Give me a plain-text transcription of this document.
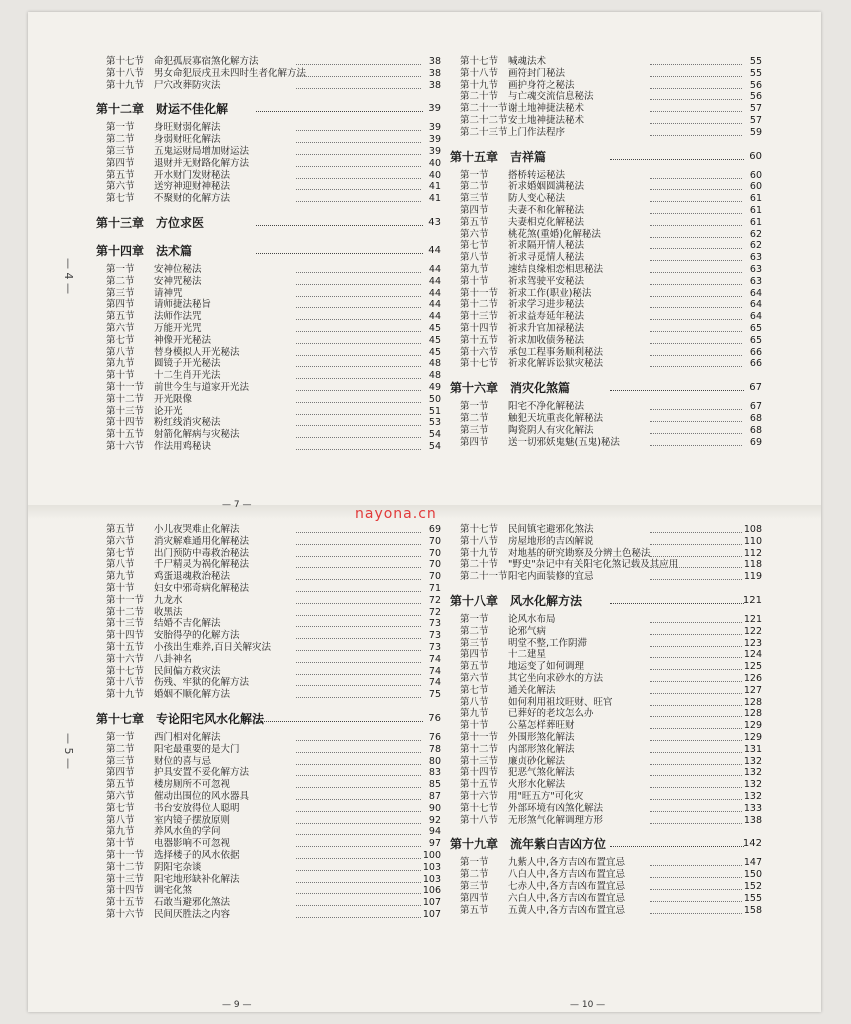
第十七节 命犯孤辰寡宿煞化解方法	38
第十八节 男女命犯辰戌丑未四时生者化解方法	38
第十九节 尸穴改葬防灾法	38
第十二章　财运不佳化解	39
第一节 身旺财弱化解法	39
第二节 身弱财旺化解法	39
第三节 五鬼运财局增加财运法	39
第四节 退财并无财路化解方法	40
第五节 开水财门发财秘法	40
第六节 送穷神迎财神秘法	41
第七节 不聚财的化解方法	41
第十三章　方位求医	43
第十四章　法术篇	44
第一节 安神位秘法	44
第二节 安神咒秘法	44
第三节 请神咒	44
第四节 请师捷法秘旨	44
第五节 法师作法咒	44
第六节 万能开光咒	45
第七节 神像开光秘法	45
第八节 替身模拟人开光秘法	45
第九节 圆镜子开光秘法	48
第十节 十二生肖开光法	48
第十一节 前世今生与道家开光法	49
第十二节 开光限像	50
第十三节 论开光	51
第十四节 粉红线消灾秘法	53
第十五节 射箭化解病与灾秘法	54
第十六节 作法用鸡秘诀	54
第十七节 喊魂法术	55
第十八节 画符封门秘法	55
第十九节 画护身符之秘法	56
第二十节 与亡魂交流信息秘法	56
第二十一节 谢土地神捷法秘术	57
第二十二节 安土地神捷法秘术	57
第二十三节 上门作法程序	59
第十五章　吉祥篇	60
第一节 搭桥转运秘法	60
第二节 祈求婚姻圆满秘法	60
第三节 防人变心秘法	61
第四节 夫妻不和化解秘法	61
第五节 夫妻相克化解秘法	61
第六节 桃花煞(重婚)化解秘法	62
第七节 祈求隔开情人秘法	62
第八节 祈求寻觅情人秘法	63
第九节 速结良缘相恋相思秘法	63
第十节 祈求驾驶平安秘法	63
第十一节 祈求工作(职业)秘法	64
第十二节 祈求学习进步秘法	64
第十三节 祈求益寿延年秘法	64
第十四节 祈求升官加禄秘法	65
第十五节 祈求加收债务秘法	65
第十六节 承包工程事务顺利秘法	66
第十七节 祈求化解诉讼狱灾秘法	66
第十六章　消灾化煞篇	67
第一节 阳宅不净化解秘法	67
第二节 触犯天坑重丧化解秘法	68
第三节 陶瓷阴人有灾化解法	68
第四节 送一切邪妖鬼魅(五鬼)秘法	69
第五节 小儿夜哭难止化解法	69
第六节 消灾解难通用化解秘法	70
第七节 出门预防中毒救治秘法	70
第八节 千尸精灵为祸化解秘法	70
第九节 鸡蛋退魂救治秘法	70
第十节 妇女中邪奇病化解秘法	71
第十一节 九龙水	72
第十二节 收黑法	72
第十三节 结婚不吉化解法	73
第十四节 安胎得孕的化解方法	73
第十五节 小孩出生难养,百日关解灾法	73
第十六节 八卦神名	74
第十七节 民间偏方救灾法	74
第十八节 伤残、牢狱的化解方法	74
第十九节 婚姻不顺化解方法	75
第十七章　专论阳宅风水化解法	76
第一节 西门相对化解法	76
第二节 阳宅最重要的是大门	78
第三节 财位的喜与忌	80
第四节 护具安置不妥化解方法	83
第五节 楼房厕所不可忽视	85
第六节 催动出围位的风水器具	87
第七节 书台安放得位人聪明	90
第八节 室内镜子摆放原则	92
第九节 养风水鱼的学问	94
第十节 电器影响不可忽视	97
第十一节 选择楼子的风水依据	100
第十二节 阴阳宅杂谈	103
第十三节 阳宅地形缺补化解法	103
第十四节 调宅化煞	106
第十五节 石敢当避邪化煞法	107
第十六节 民间厌胜法之内容	107
第十七节 民间镇宅避邪化煞法	108
第十八节 房屋地形的吉凶解说	110
第十九节 对地基的研究勘察及分辨土色秘法	112
第二十节 "野史"杂记中有关阳宅化煞记载及其应用	118
第二十一节 阳宅内面装修的宜忌	119
第十八章　风水化解方法	121
第一节 论风水布局	121
第二节 论邪气病	122
第三节 明堂不整,工作阴滞	123
第四节 十二建星	124
第五节 地运变了如何调理	125
第六节 其它坐向求砂水的方法	126
第七节 通关化解法	127
第八节 如何利用祖坟旺财、旺官	128
第九节 已葬好的老坟怎么办	128
第十节 公墓怎样葬旺财	129
第十一节 外围形煞化解法	129
第十二节 内部形煞化解法	131
第十三节 廉贞砂化解法	132
第十四节 犯恶气煞化解法	132
第十五节 火形水化解法	132
第十六节 用"旺五方"可化灾	132
第十七节 外部环境有凶煞化解法	133
第十八节 无形煞气化解调理方形	138
第十九章　流年紫白吉凶方位	142
第一节 九紫人中,各方吉凶布置宜忌	147
第二节 八白人中,各方吉凶布置宜忌	150
第三节 七赤人中,各方吉凶布置宜忌	152
第四节 六白人中,各方吉凶布置宜忌	155
第五节 五黄人中,各方吉凶布置宜忌	158
— 7 —
— 9 —	— 10 —
— 4 —
— 5 —
nayona.cn
